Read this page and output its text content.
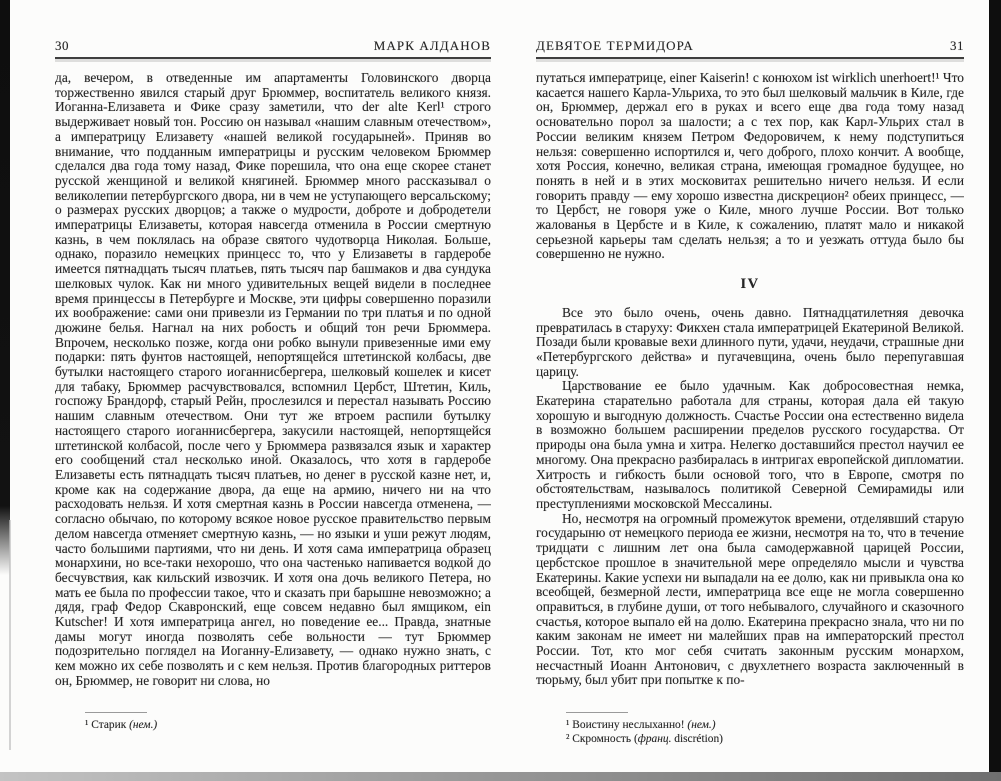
30	МАРК АЛДАНОВ

да, вечером, в отведенные им апартаменты Головинского дворца торжественно явился старый друг Брюммер, воспитатель великого князя. Иоганна-Елизавета и Фике сразу заметили, что der alte Kerl¹ строго выдерживает новый тон. Россию он называл «нашим славным отечеством», а императрицу Елизавету «нашей великой государыней». Приняв во внимание, что подданным императрицы и русским человеком Брюммер сделался два года тому назад, Фике порешила, что она еще скорее станет русской женщиной и великой княгиней. Брюммер много рассказывал о великолепии петербургского двора, ни в чем не уступающего версальскому; о размерах русских дворцов; а также о мудрости, доброте и добродетели императрицы Елизаветы, которая навсегда отменила в России смертную казнь, в чем поклялась на образе святого чудотворца Николая. Больше, однако, поразило немецких принцесс то, что у Елизаветы в гардеробе имеется пятнадцать тысяч платьев, пять тысяч пар башмаков и два сундука шелковых чулок. Как ни много удивительных вещей видели в последнее время принцессы в Петербурге и Москве, эти цифры совершенно поразили их воображение: сами они привезли из Германии по три платья и по одной дюжине белья. Нагнал на них робость и общий тон речи Брюммера. Впрочем, несколько позже, когда они робко вынули привезенные ими ему подарки: пять фунтов настоящей, непортящейся штетинской колбасы, две бутылки настоящего старого иоганнисбергера, шелковый кошелек и кисет для табаку, Брюммер расчувствовался, вспомнил Цербст, Штетин, Киль, госпожу Брандорф, старый Рейн, прослезился и перестал называть Россию нашим славным отечеством. Они тут же втроем распили бутылку настоящего старого иоганнисбергера, закусили настоящей, непортящейся штетинской колбасой, после чего у Брюммера развязался язык и характер его сообщений стал несколько иной. Оказалось, что хотя в гардеробе Елизаветы есть пятнадцать тысяч платьев, но денег в русской казне нет, и, кроме как на содержание двора, да еще на армию, ничего ни на что расходовать нельзя. И хотя смертная казнь в России навсегда отменена, — согласно обычаю, по которому всякое новое русское правительство первым делом навсегда отменяет смертную казнь, — но языки и уши режут людям, часто большими партиями, что ни день. И хотя сама императрица образец монархини, но все-таки нехорошо, что она частенько напивается водкой до бесчувствия, как кильский извозчик. И хотя она дочь великого Петера, но мать ее была по профессии такое, что и сказать при барышне невозможно; а дядя, граф Федор Скавронский, еще совсем недавно был ямщиком, ein Kutscher! И хотя императрица ангел, но поведение ее... Правда, знатные дамы могут иногда позволять себе вольности — тут Брюммер подозрительно поглядел на Иоганну-Елизавету, — однако нужно знать, с кем можно их себе позволять и с кем нельзя. Против благородных риттеров он, Брюммер, не говорит ни слова, но

¹ Старик (нем.)
ДЕВЯТОЕ ТЕРМИДОРА	31

путаться императрице, einer Kaiserin! с конюхом ist wirklich unerhoert!¹ Что касается нашего Карла-Ульриха, то это был шелковый мальчик в Киле, где он, Брюммер, держал его в руках и всего еще два года тому назад основательно порол за шалости; а с тех пор, как Карл-Ульрих стал в России великим князем Петром Федоровичем, к нему подступиться нельзя: совершенно испортился и, чего доброго, плохо кончит. А вообще, хотя Россия, конечно, великая страна, имеющая громадное будущее, но понять в ней и в этих московитах решительно ничего нельзя. И если говорить правду — ему хорошо известна дискрецион² обеих принцесс, — то Цербст, не говоря уже о Киле, много лучше России. Вот только жалованья в Цербсте и в Киле, к сожалению, платят мало и никакой серьезной карьеры там сделать нельзя; а то и уезжать оттуда было бы совершенно не нужно.

IV

Все это было очень, очень давно. Пятнадцатилетняя девочка превратилась в старуху: Фикхен стала императрицей Екатериной Великой. Позади были кровавые вехи длинного пути, удачи, неудачи, страшные дни «Петербургского действа» и пугачевщина, очень было перепугавшая царицу.

Царствование ее было удачным. Как добросовестная немка, Екатерина старательно работала для страны, которая дала ей такую хорошую и выгодную должность. Счастье России она естественно видела в возможно большем расширении пределов русского государства. От природы она была умна и хитра. Нелегко доставшийся престол научил ее многому. Она прекрасно разбиралась в интригах европейской дипломатии. Хитрость и гибкость были основой того, что в Европе, смотря по обстоятельствам, называлось политикой Северной Семирамиды или преступлениями московской Мессалины.

Но, несмотря на огромный промежуток времени, отделявший старую государыню от немецкого периода ее жизни, несмотря на то, что в течение тридцати с лишним лет она была самодержавной царицей России, цербстское прошлое в значительной мере определяло мысли и чувства Екатерины. Какие успехи ни выпадали на ее долю, как ни привыкла она ко всеобщей, безмерной лести, императрица все еще не могла совершенно оправиться, в глубине души, от того небывалого, случайного и сказочного счастья, которое выпало ей на долю. Екатерина прекрасно знала, что ни по каким законам не имеет ни малейших прав на императорский престол России. Тот, кто мог себя считать законным русским монархом, несчастный Иоанн Антонович, с двухлетнего возраста заключенный в тюрьму, был убит при попытке к по-

¹ Воистину неслыханно! (нем.)
² Скромность (франц. discrétion)
